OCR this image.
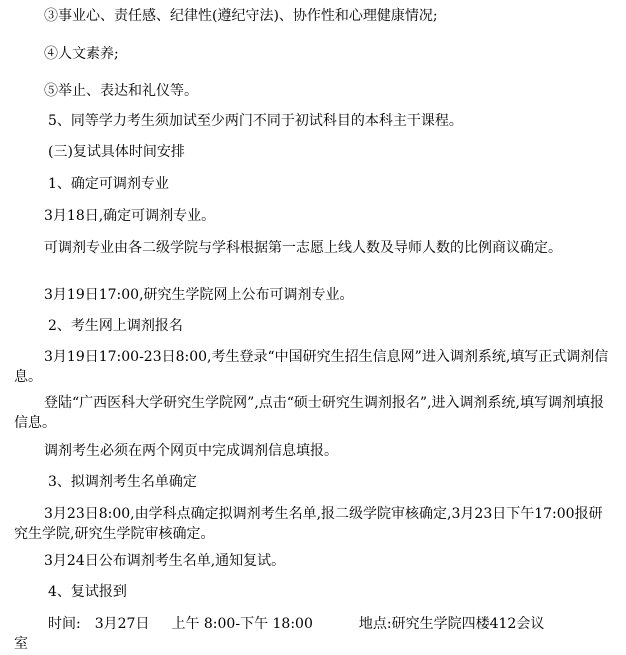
③事业心、责任感、纪律性(遵纪守法)、协作性和心理健康情况;
④人文素养;
⑤举止、表达和礼仪等。
5、同等学力考生须加试至少两门不同于初试科目的本科主干课程。
(三)复试具体时间安排
1、确定可调剂专业
3月18日,确定可调剂专业。
可调剂专业由各二级学院与学科根据第一志愿上线人数及导师人数的比例商议确定。
3月19日17:00,研究生学院网上公布可调剂专业。
2、考生网上调剂报名
3月19日17:00-23日8:00,考生登录“中国研究生招生信息网”进入调剂系统,填写正式调剂信息。
登陆“广西医科大学研究生学院网”,点击“硕士研究生调剂报名”,进入调剂系统,填写调剂填报信息。
调剂考生必须在两个网页中完成调剂信息填报。
3、拟调剂考生名单确定
3月23日8:00,由学科点确定拟调剂考生名单,报二级学院审核确定,3月23日下午17:00报研究生学院,研究生学院审核确定。
3月24日公布调剂考生名单,通知复试。
4、复试报到
时间: 3月27日 上午 8:00-下午 18:00	地点:研究生学院四楼412会议
室
